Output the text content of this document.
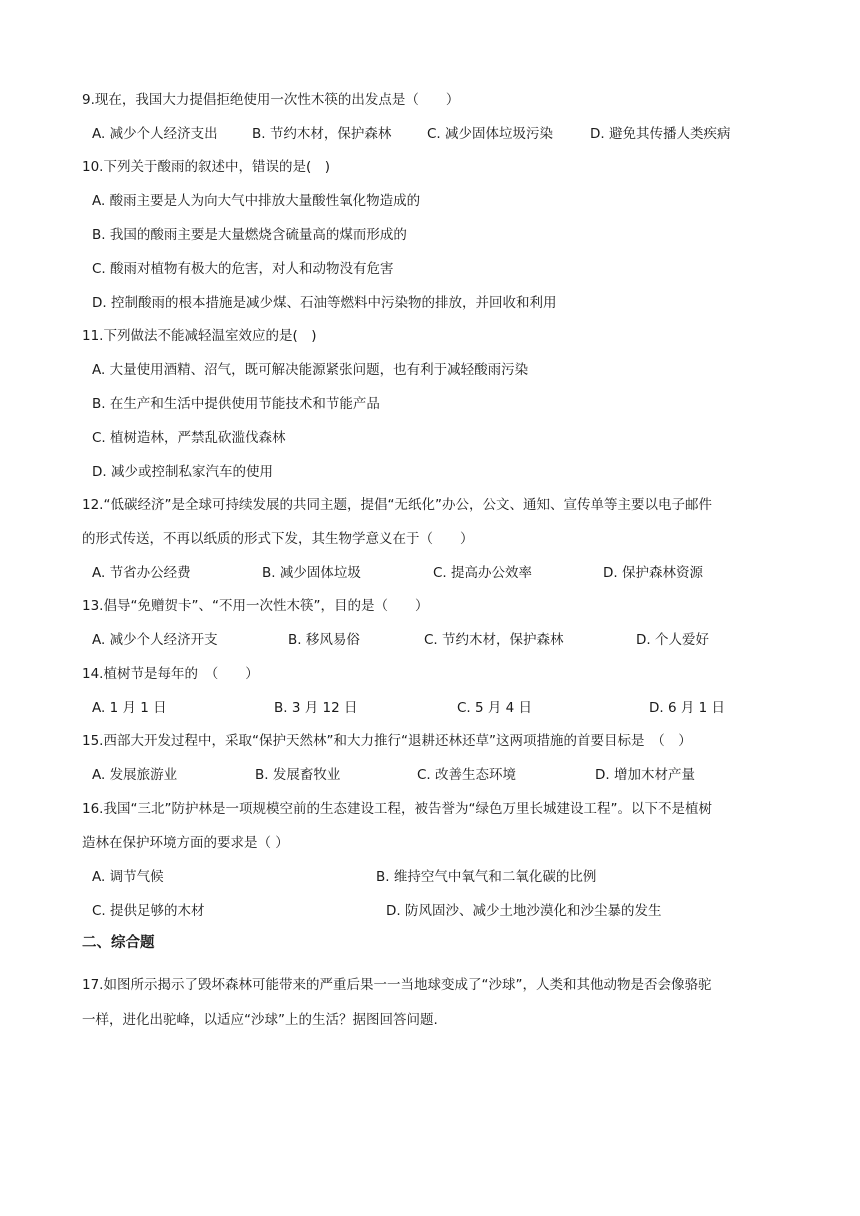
9.现在，我国大力提倡拒绝使用一次性木筷的出发点是（　　）
A. 减少个人经济支出	B. 节约木材，保护森林	C. 减少固体垃圾污染	D. 避免其传播人类疾病
10.下列关于酸雨的叙述中，错误的是(　)
A. 酸雨主要是人为向大气中排放大量酸性氧化物造成的
B. 我国的酸雨主要是大量燃烧含硫量高的煤而形成的
C. 酸雨对植物有极大的危害，对人和动物没有危害
D. 控制酸雨的根本措施是减少煤、石油等燃料中污染物的排放，并回收和利用
11.下列做法不能减轻温室效应的是(　)
A. 大量使用酒精、沼气，既可解决能源紧张问题，也有利于减轻酸雨污染
B. 在生产和生活中提供使用节能技术和节能产品
C. 植树造林，严禁乱砍滥伐森林
D. 减少或控制私家汽车的使用
12.“低碳经济”是全球可持续发展的共同主题，提倡“无纸化”办公，公文、通知、宣传单等主要以电子邮件
的形式传送，不再以纸质的形式下发，其生物学意义在于（　　）
A. 节省办公经费	B. 减少固体垃圾	C. 提高办公效率	D. 保护森林资源
13.倡导“免赠贺卡”、“不用一次性木筷”，目的是（　　）
A. 减少个人经济开支	B. 移风易俗	C. 节约木材，保护森林	D. 个人爱好
14.植树节是每年的　（　　）
A. 1 月 1 日	B. 3 月 12 日	C. 5 月 4 日	D. 6 月 1 日
15.西部大开发过程中，采取“保护天然林”和大力推行“退耕还林还草”这两项措施的首要目标是　（　）
A. 发展旅游业	B. 发展畜牧业	C. 改善生态环境	D. 增加木材产量
16.我国“三北”防护林是一项规模空前的生态建设工程，被告誉为“绿色万里长城建设工程”。以下不是植树
造林在保护环境方面的要求是（ ）
A. 调节气候	B. 维持空气中氧气和二氧化碳的比例
C. 提供足够的木材	D. 防风固沙、减少土地沙漠化和沙尘暴的发生
二、综合题
17.如图所示揭示了毁坏森林可能带来的严重后果一一当地球变成了“沙球”，人类和其他动物是否会像骆驼
一样，进化出驼峰，以适应“沙球”上的生活？据图回答问题.
